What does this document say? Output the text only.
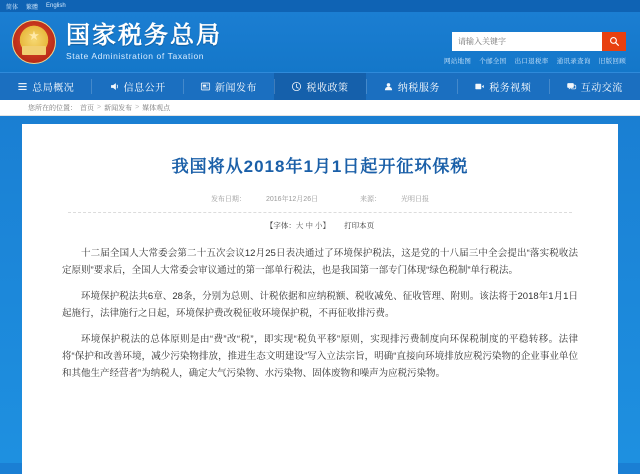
简体 繁體 English
★
国家税务总局
State Administration of Taxation
请输入关键字
网站地图 个邮全国 出口退税率 通讯录查询 旧版回顾
总局概况	信息公开	新闻发布	税收政策	纳税服务	税务视频	互动交流
您所在的位置： 首页 > 新闻发布 > 媒体观点
我国将从2018年1月1日起开征环保税
发布日期：	2016年12月26日	来源：	光明日报
【字体：大 中 小】 打印本页

十二届全国人大常委会第二十五次会议12月25日表决通过了环境保护税法，这是党的十八届三中全会提出“落实税收法定原则”要求后，全国人大常委会审议通过的第一部单行税法，也是我国第一部专门体现“绿色税制”单行税法。

环境保护税法共6章、28条，分别为总则、计税依据和应纳税额、税收减免、征收管理、附则。该法将于2018年1月1日起施行，法律施行之日起，环境保护费改税征收环境保护税，不再征收排污费。

环境保护税法的总体原则是由“费”改“税”，即实现“税负平移”原则，实现排污费制度向环保税制度的平稳转移。法律将“保护和改善环境，减少污染物排放，推进生态文明建设”写入立法宗旨，明确“直接向环境排放应税污染物的企业事业单位和其他生产经营者”为纳税人，确定大气污染物、水污染物、固体废物和噪声为应税污染物。
